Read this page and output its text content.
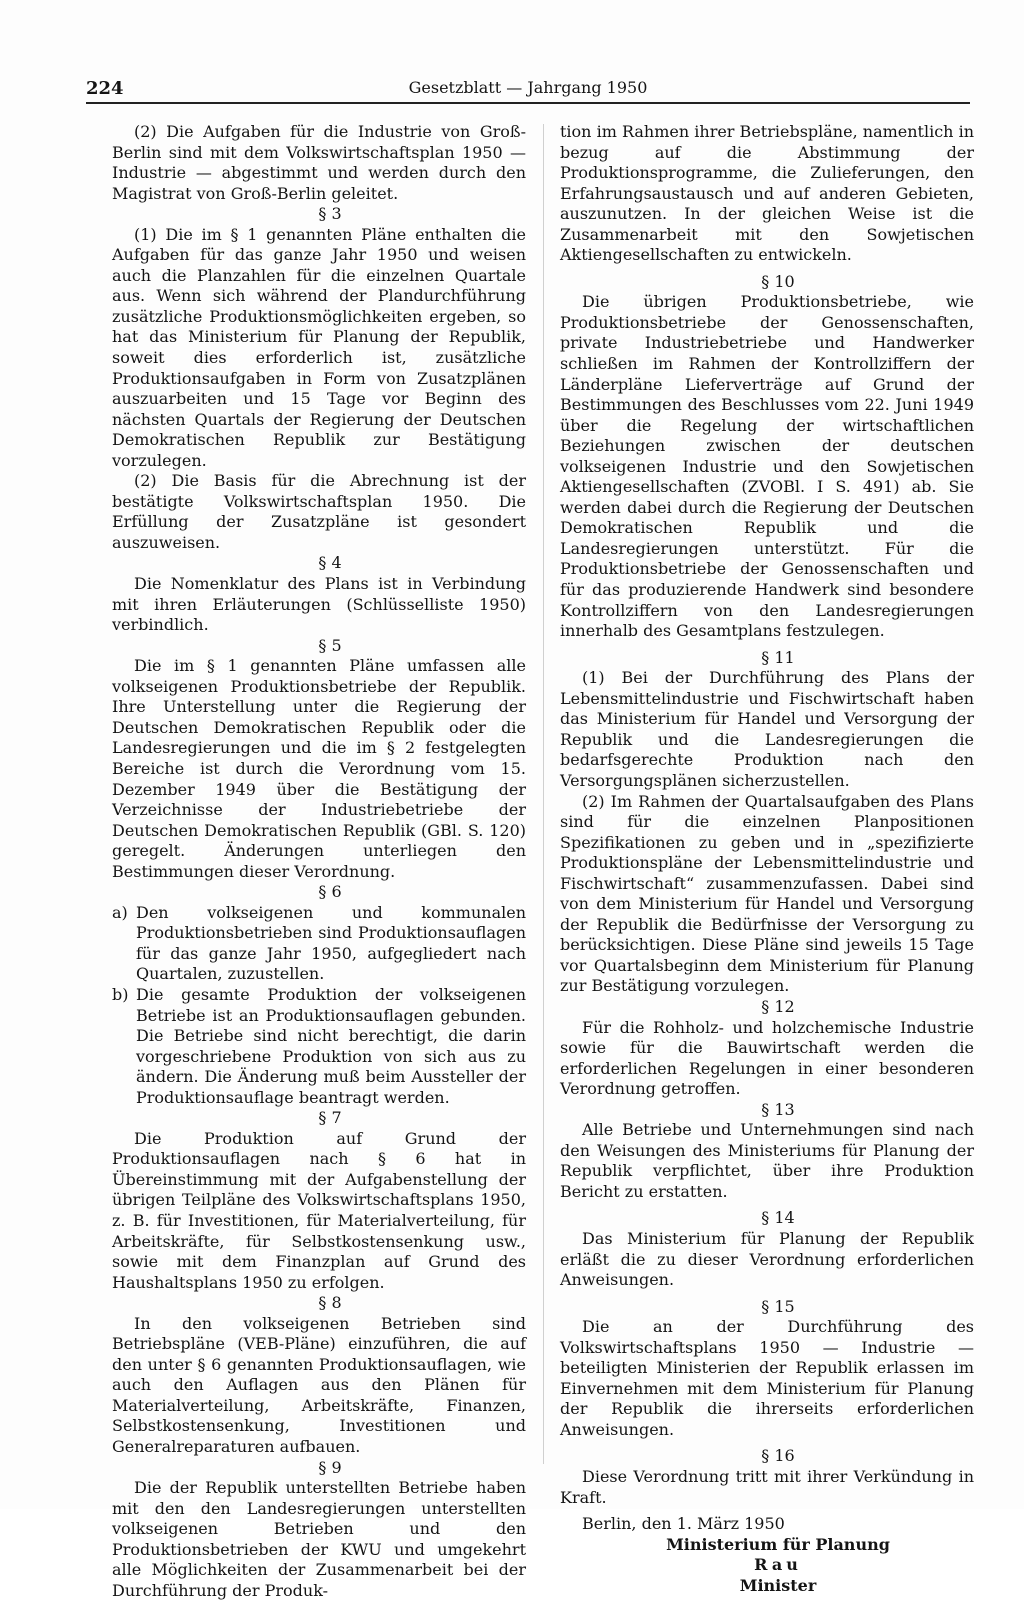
224	Gesetzblatt — Jahrgang 1950

(2) Die Aufgaben für die Industrie von Groß-Berlin sind mit dem Volkswirtschaftsplan 1950 — Industrie — abgestimmt und werden durch den Magistrat von Groß-Berlin geleitet.

§ 3

(1) Die im § 1 genannten Pläne enthalten die Aufgaben für das ganze Jahr 1950 und weisen auch die Planzahlen für die einzelnen Quartale aus. Wenn sich während der Plandurchführung zusätzliche Produktionsmöglichkeiten ergeben, so hat das Ministerium für Planung der Republik, soweit dies erforderlich ist, zusätzliche Produktionsaufgaben in Form von Zusatzplänen auszuarbeiten und 15 Tage vor Beginn des nächsten Quartals der Regierung der Deutschen Demokratischen Republik zur Bestätigung vorzulegen.

(2) Die Basis für die Abrechnung ist der bestätigte Volkswirtschaftsplan 1950. Die Erfüllung der Zusatzpläne ist gesondert auszuweisen.

§ 4

Die Nomenklatur des Plans ist in Verbindung mit ihren Erläuterungen (Schlüsselliste 1950) verbindlich.

§ 5

Die im § 1 genannten Pläne umfassen alle volkseigenen Produktionsbetriebe der Republik. Ihre Unterstellung unter die Regierung der Deutschen Demokratischen Republik oder die Landesregierungen und die im § 2 festgelegten Bereiche ist durch die Verordnung vom 15. Dezember 1949 über die Bestätigung der Verzeichnisse der Industriebetriebe der Deutschen Demokratischen Republik (GBl. S. 120) geregelt. Änderungen unterliegen den Bestimmungen dieser Verordnung.

§ 6

a) Den volkseigenen und kommunalen Produktionsbetrieben sind Produktionsauflagen für das ganze Jahr 1950, aufgegliedert nach Quartalen, zuzustellen.
b) Die gesamte Produktion der volkseigenen Betriebe ist an Produktionsauflagen gebunden. Die Betriebe sind nicht berechtigt, die darin vorgeschriebene Produktion von sich aus zu ändern. Die Änderung muß beim Aussteller der Produktionsauflage beantragt werden.

§ 7

Die Produktion auf Grund der Produktionsauflagen nach § 6 hat in Übereinstimmung mit der Aufgabenstellung der übrigen Teilpläne des Volkswirtschaftsplans 1950, z. B. für Investitionen, für Materialverteilung, für Arbeitskräfte, für Selbstkostensenkung usw., sowie mit dem Finanzplan auf Grund des Haushaltsplans 1950 zu erfolgen.

§ 8

In den volkseigenen Betrieben sind Betriebspläne (VEB-Pläne) einzuführen, die auf den unter § 6 genannten Produktionsauflagen, wie auch den Auflagen aus den Plänen für Materialverteilung, Arbeitskräfte, Finanzen, Selbstkostensenkung, Investitionen und Generalreparaturen aufbauen.

§ 9

Die der Republik unterstellten Betriebe haben mit den den Landesregierungen unterstellten volkseigenen Betrieben und den Produktionsbetrieben der KWU und umgekehrt alle Möglichkeiten der Zusammenarbeit bei der Durchführung der Produk-

tion im Rahmen ihrer Betriebspläne, namentlich in bezug auf die Abstimmung der Produktionsprogramme, die Zulieferungen, den Erfahrungsaustausch und auf anderen Gebieten, auszunutzen. In der gleichen Weise ist die Zusammenarbeit mit den Sowjetischen Aktiengesellschaften zu entwickeln.

§ 10

Die übrigen Produktionsbetriebe, wie Produktionsbetriebe der Genossenschaften, private Industriebetriebe und Handwerker schließen im Rahmen der Kontrollziffern der Länderpläne Lieferverträge auf Grund der Bestimmungen des Beschlusses vom 22. Juni 1949 über die Regelung der wirtschaftlichen Beziehungen zwischen der deutschen volkseigenen Industrie und den Sowjetischen Aktiengesellschaften (ZVOBl. I S. 491) ab. Sie werden dabei durch die Regierung der Deutschen Demokratischen Republik und die Landesregierungen unterstützt. Für die Produktionsbetriebe der Genossenschaften und für das produzierende Handwerk sind besondere Kontrollziffern von den Landesregierungen innerhalb des Gesamtplans festzulegen.

§ 11

(1) Bei der Durchführung des Plans der Lebensmittelindustrie und Fischwirtschaft haben das Ministerium für Handel und Versorgung der Republik und die Landesregierungen die bedarfsgerechte Produktion nach den Versorgungsplänen sicherzustellen.

(2) Im Rahmen der Quartalsaufgaben des Plans sind für die einzelnen Planpositionen Spezifikationen zu geben und in „spezifizierte Produktionspläne der Lebensmittelindustrie und Fischwirtschaft“ zusammenzufassen. Dabei sind von dem Ministerium für Handel und Versorgung der Republik die Bedürfnisse der Versorgung zu berücksichtigen. Diese Pläne sind jeweils 15 Tage vor Quartalsbeginn dem Ministerium für Planung zur Bestätigung vorzulegen.

§ 12

Für die Rohholz- und holzchemische Industrie sowie für die Bauwirtschaft werden die erforderlichen Regelungen in einer besonderen Verordnung getroffen.

§ 13

Alle Betriebe und Unternehmungen sind nach den Weisungen des Ministeriums für Planung der Republik verpflichtet, über ihre Produktion Bericht zu erstatten.

§ 14

Das Ministerium für Planung der Republik erläßt die zu dieser Verordnung erforderlichen Anweisungen.

§ 15

Die an der Durchführung des Volkswirtschaftsplans 1950 — Industrie — beteiligten Ministerien der Republik erlassen im Einvernehmen mit dem Ministerium für Planung der Republik die ihrerseits erforderlichen Anweisungen.

§ 16

Diese Verordnung tritt mit ihrer Verkündung in Kraft.

Berlin, den 1. März 1950

Ministerium für Planung

Rau

Minister
